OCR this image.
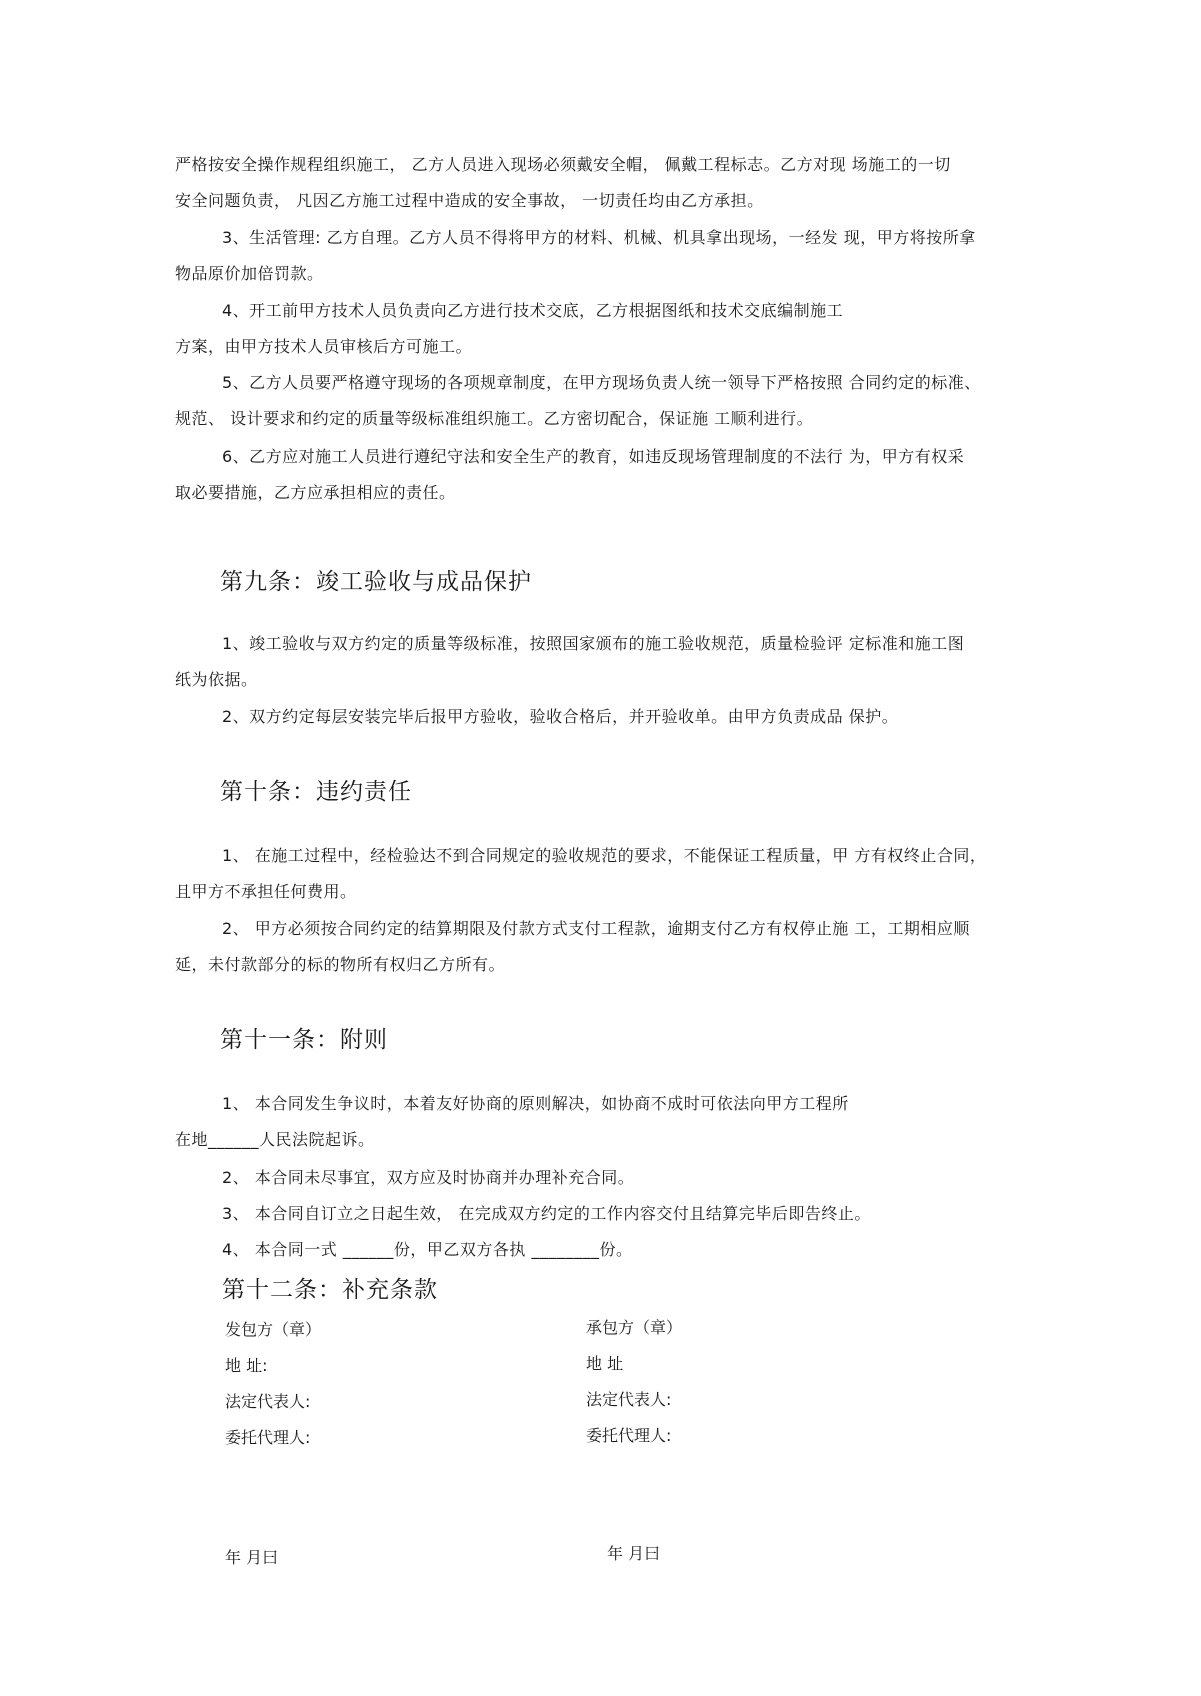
严格按安全操作规程组织施工， 乙方人员进入现场必须戴安全帽， 佩戴工程标志。乙方对现 场施工的一切
安全问题负责， 凡因乙方施工过程中造成的安全事故， 一切责任均由乙方承担。
3、生活管理: 乙方自理。乙方人员不得将甲方的材料、机械、机具拿出现场，一经发 现，甲方将按所拿
物品原价加倍罚款。
4、开工前甲方技术人员负责向乙方进行技术交底，乙方根据图纸和技术交底编制施工
方案，由甲方技术人员审核后方可施工。
5、乙方人员要严格遵守现场的各项规章制度，在甲方现场负责人统一领导下严格按照 合同约定的标准、
规范、 设计要求和约定的质量等级标准组织施工。乙方密切配合，保证施 工顺利进行。
6、乙方应对施工人员进行遵纪守法和安全生产的教育，如违反现场管理制度的不法行 为，甲方有权采
取必要措施，乙方应承担相应的责任。
第九条：竣工验收与成品保护
1、竣工验收与双方约定的质量等级标准，按照国家颁布的施工验收规范，质量检验评 定标准和施工图
纸为依据。
2、双方约定每层安装完毕后报甲方验收，验收合格后，并开验收单。由甲方负责成品 保护。
第十条：违约责任
1、 在施工过程中，经检验达不到合同规定的验收规范的要求，不能保证工程质量，甲 方有权终止合同，
且甲方不承担任何费用。
2、 甲方必须按合同约定的结算期限及付款方式支付工程款，逾期支付乙方有权停止施 工，工期相应顺
延，未付款部分的标的物所有权归乙方所有。
第十一条：附则
1、 本合同发生争议时，本着友好协商的原则解决，如协商不成时可依法向甲方工程所
在地______人民法院起诉。
2、 本合同未尽事宜，双方应及时协商并办理补充合同。
3、 本合同自订立之日起生效， 在完成双方约定的工作内容交付且结算完毕后即告终止。
4、 本合同一式 ______份，甲乙双方各执 ________份。
第十二条：补充条款
发包方（章）
地 址:
法定代表人:
委托代理人:
年 月曰
承包方（章）
地 址
法定代表人:
委托代理人:
年 月曰
